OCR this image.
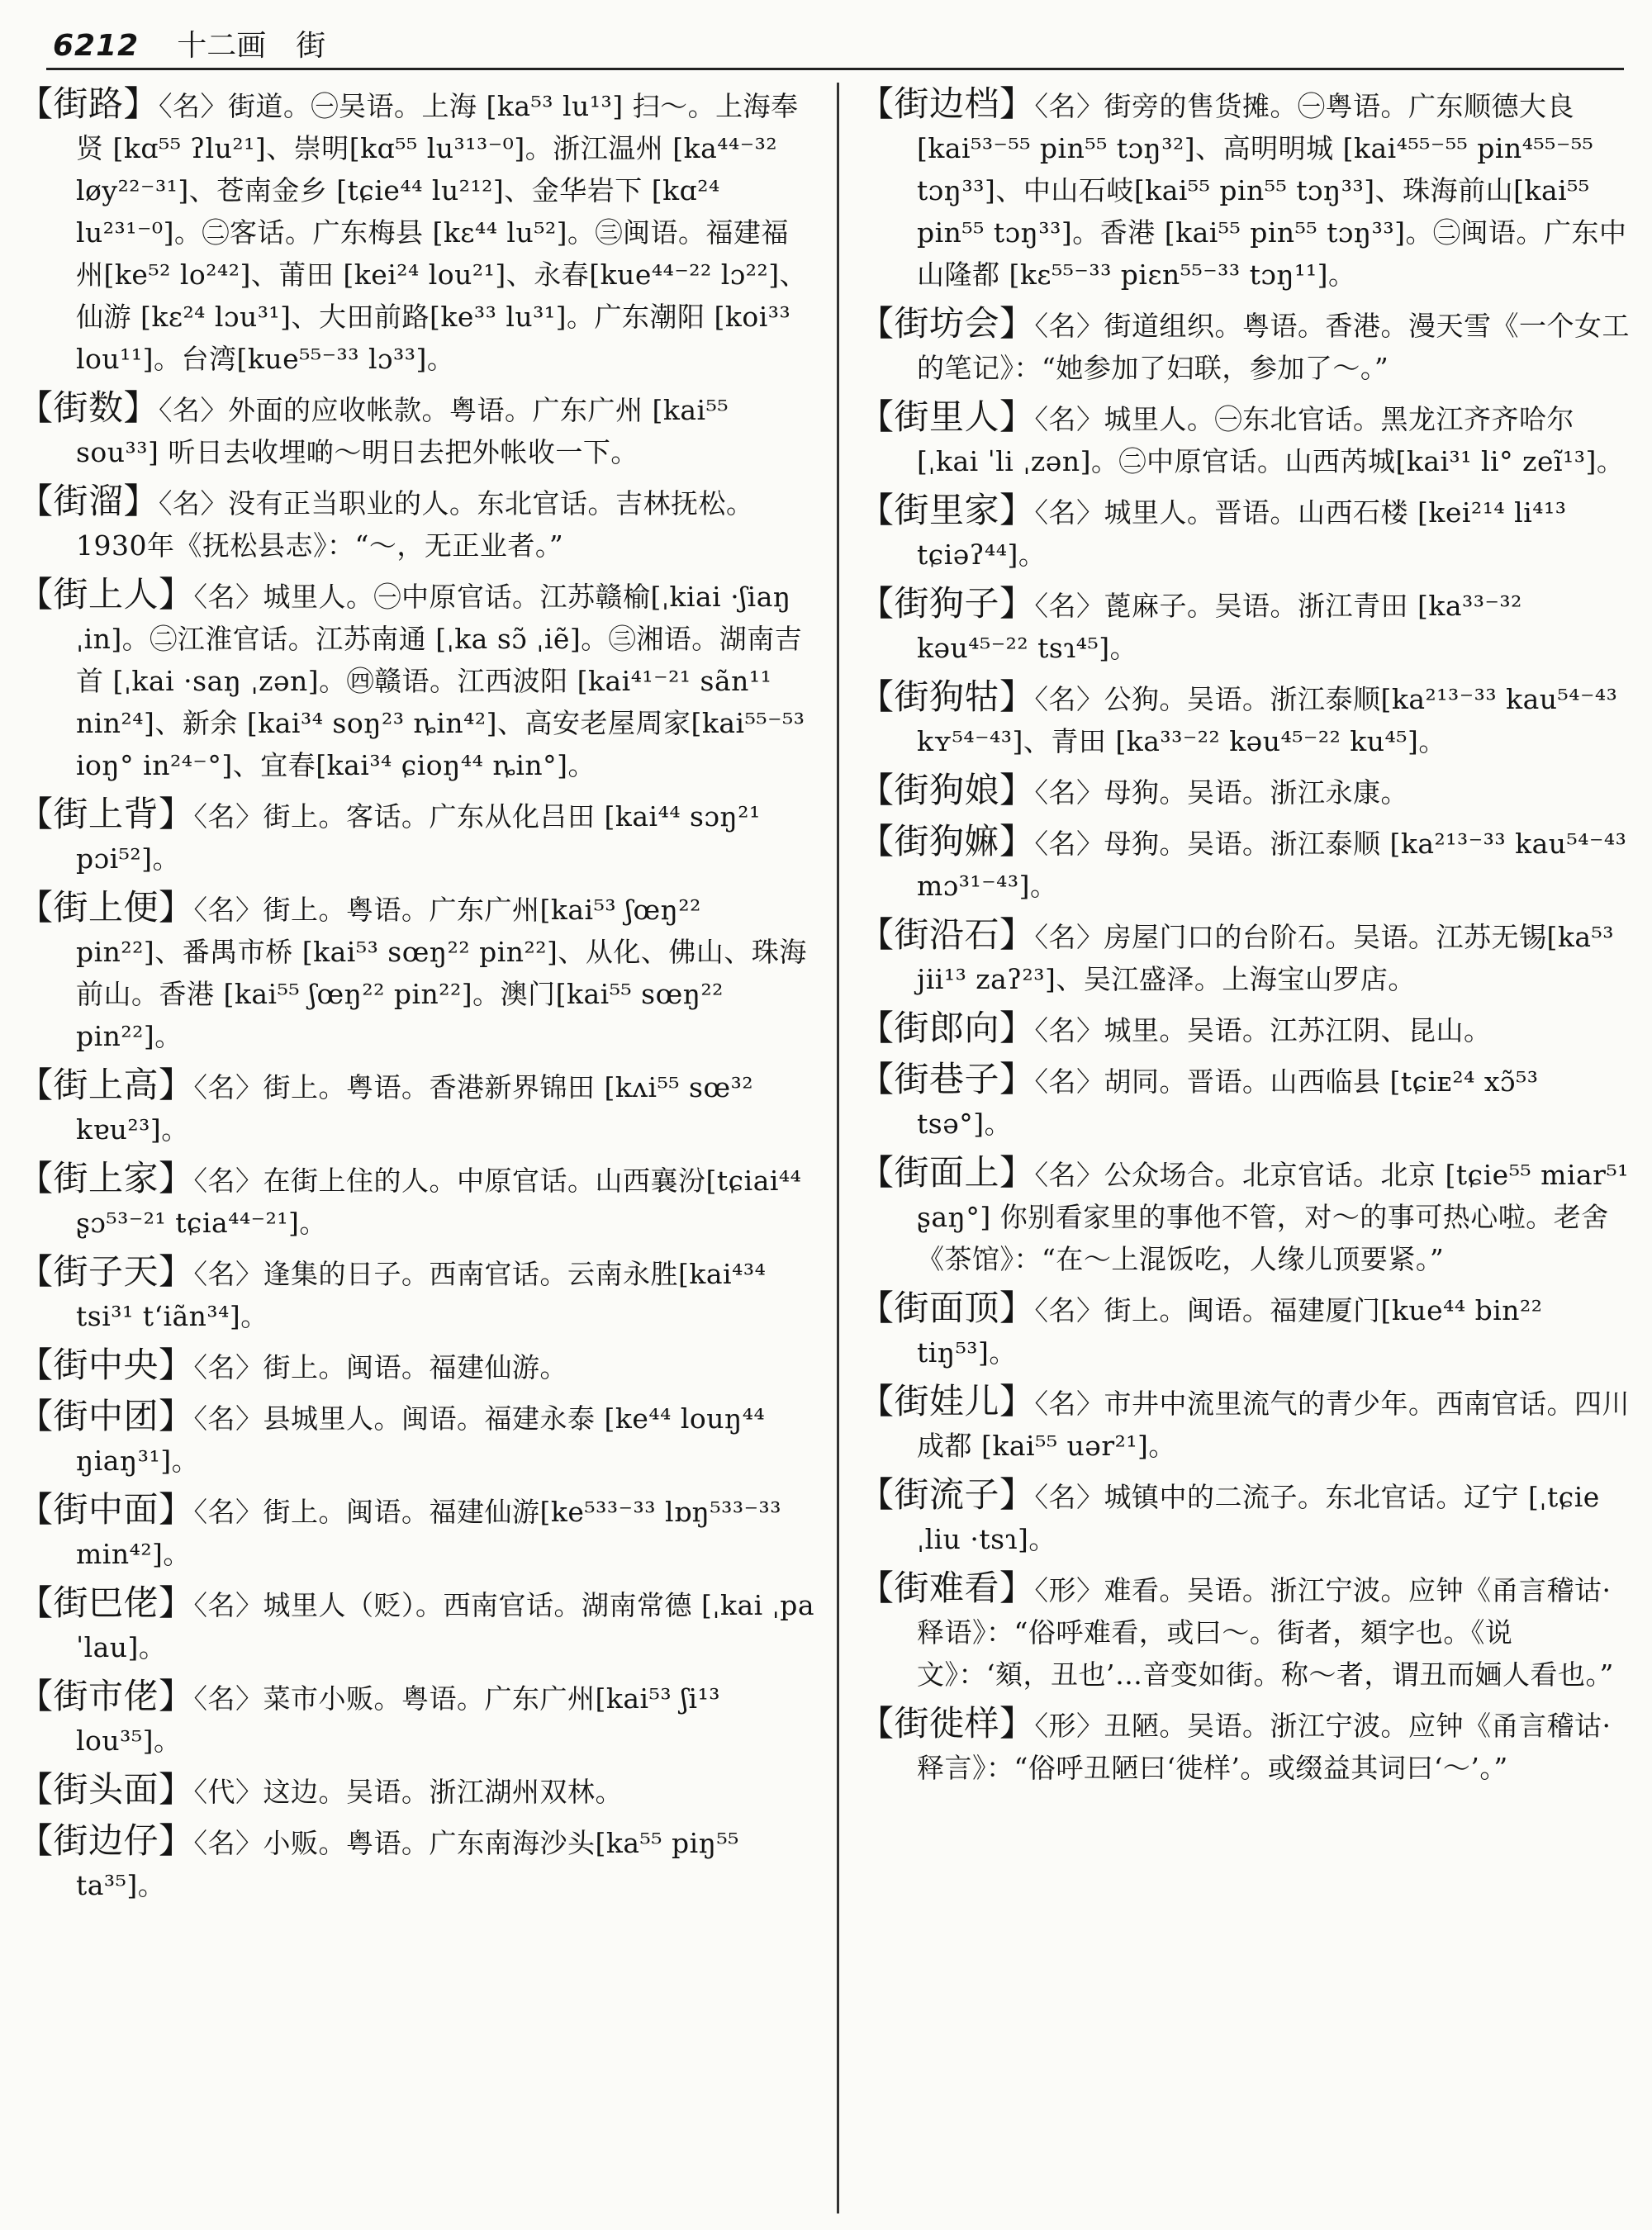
6212 十二画　街
【街路】〈名〉街道。㊀吴语。上海 [ka⁵³ lu¹³] 扫～。上海奉贤 [kɑ⁵⁵ ʔlu²¹]、崇明[kɑ⁵⁵ lu³¹³⁻⁰]。浙江温州 [ka⁴⁴⁻³² løy²²⁻³¹]、苍南金乡 [tɕie⁴⁴ lu²¹²]、金华岩下 [kɑ²⁴ lu²³¹⁻⁰]。㊁客话。广东梅县 [kɛ⁴⁴ lu⁵²]。㊂闽语。福建福州[ke⁵² lo²⁴²]、莆田 [kei²⁴ lou²¹]、永春[kue⁴⁴⁻²² lɔ²²]、仙游 [kɛ²⁴ lɔu³¹]、大田前路[ke³³ lu³¹]。广东潮阳 [koi³³ lou¹¹]。台湾[kue⁵⁵⁻³³ lɔ³³]。
【街数】〈名〉外面的应收帐款。粤语。广东广州 [kai⁵⁵ sou³³] 听日去收埋啲～明日去把外帐收一下。
【街溜】〈名〉没有正当职业的人。东北官话。吉林抚松。1930年《抚松县志》：“～，无正业者。”
【街上人】〈名〉城里人。㊀中原官话。江苏赣榆[ˌkiai ·ʃiaŋ ˌin]。㊁江淮官话。江苏南通 [ˌka sɔ̃ ˌiẽ]。㊂湘语。湖南吉首 [ˌkai ·saŋ ˌzən]。㊃赣语。江西波阳 [kai⁴¹⁻²¹ sãn¹¹ nin²⁴]、新余 [kai³⁴ soŋ²³ ȵin⁴²]、高安老屋周家[kai⁵⁵⁻⁵³ ioŋ° in²⁴⁻°]、宜春[kai³⁴ ɕioŋ⁴⁴ ȵin°]。
【街上背】〈名〉街上。客话。广东从化吕田 [kai⁴⁴ sɔŋ²¹ pɔi⁵²]。
【街上便】〈名〉街上。粤语。广东广州[kai⁵³ ʃœŋ²² pin²²]、番禺市桥 [kai⁵³ sœŋ²² pin²²]、从化、佛山、珠海前山。香港 [kai⁵⁵ ʃœŋ²² pin²²]。澳门[kai⁵⁵ sœŋ²² pin²²]。
【街上高】〈名〉街上。粤语。香港新界锦田 [kʌi⁵⁵ sœ³² kɐu²³]。
【街上家】〈名〉在街上住的人。中原官话。山西襄汾[tɕiai⁴⁴ ʂɔ⁵³⁻²¹ tɕia⁴⁴⁻²¹]。
【街子天】〈名〉逢集的日子。西南官话。云南永胜[kai⁴³⁴ tsi³¹ tʻiãn³⁴]。
【街中央】〈名〉街上。闽语。福建仙游。
【街中团】〈名〉县城里人。闽语。福建永泰 [ke⁴⁴ louŋ⁴⁴ ŋiaŋ³¹]。
【街中面】〈名〉街上。闽语。福建仙游[ke⁵³³⁻³³ lɒŋ⁵³³⁻³³ min⁴²]。
【街巴佬】〈名〉城里人（贬）。西南官话。湖南常德 [ˌkai ˌpa ˈlau]。
【街市佬】〈名〉菜市小贩。粤语。广东广州[kai⁵³ ʃi¹³ lou³⁵]。
【街头面】〈代〉这边。吴语。浙江湖州双林。
【街边仔】〈名〉小贩。粤语。广东南海沙头[ka⁵⁵ piŋ⁵⁵ ta³⁵]。
【街边档】〈名〉街旁的售货摊。㊀粤语。广东顺德大良[kai⁵³⁻⁵⁵ pin⁵⁵ tɔŋ³²]、高明明城 [kai⁴⁵⁵⁻⁵⁵ pin⁴⁵⁵⁻⁵⁵ tɔŋ³³]、中山石岐[kai⁵⁵ pin⁵⁵ tɔŋ³³]、珠海前山[kai⁵⁵ pin⁵⁵ tɔŋ³³]。香港 [kai⁵⁵ pin⁵⁵ tɔŋ³³]。㊁闽语。广东中山隆都 [kɛ⁵⁵⁻³³ piɛn⁵⁵⁻³³ tɔŋ¹¹]。
【街坊会】〈名〉街道组织。粤语。香港。漫天雪《一个女工的笔记》：“她参加了妇联，参加了～。”
【街里人】〈名〉城里人。㊀东北官话。黑龙江齐齐哈尔[ˌkai ˈli ˌzən]。㊁中原官话。山西芮城[kai³¹ li° zeĩ¹³]。
【街里家】〈名〉城里人。晋语。山西石楼 [kei²¹⁴ li⁴¹³ tɕiəʔ⁴⁴]。
【街狗子】〈名〉蓖麻子。吴语。浙江青田 [ka³³⁻³² kəu⁴⁵⁻²² tsɿ⁴⁵]。
【街狗牯】〈名〉公狗。吴语。浙江泰顺[ka²¹³⁻³³ kau⁵⁴⁻⁴³ kʏ⁵⁴⁻⁴³]、青田 [ka³³⁻²² kəu⁴⁵⁻²² ku⁴⁵]。
【街狗娘】〈名〉母狗。吴语。浙江永康。
【街狗嫲】〈名〉母狗。吴语。浙江泰顺 [ka²¹³⁻³³ kau⁵⁴⁻⁴³ mɔ³¹⁻⁴³]。
【街沿石】〈名〉房屋门口的台阶石。吴语。江苏无锡[ka⁵³ jii¹³ zaʔ²³]、吴江盛泽。上海宝山罗店。
【街郎向】〈名〉城里。吴语。江苏江阴、昆山。
【街巷子】〈名〉胡同。晋语。山西临县 [tɕiᴇ²⁴ xɔ̃⁵³ tsə°]。
【街面上】〈名〉公众场合。北京官话。北京 [tɕie⁵⁵ miar⁵¹ ʂaŋ°] 你别看家里的事他不管，对～的事可热心啦。老舍《茶馆》：“在～上混饭吃，人缘儿顶要紧。”
【街面顶】〈名〉街上。闽语。福建厦门[kue⁴⁴ bin²² tiŋ⁵³]。
【街娃儿】〈名〉市井中流里流气的青少年。西南官话。四川成都 [kai⁵⁵ uər²¹]。
【街流子】〈名〉城镇中的二流子。东北官话。辽宁 [ˌtɕie ˌliu ·tsɿ]。
【街难看】〈形〉难看。吴语。浙江宁波。应钟《甬言稽诂·释语》：“俗呼难看，或曰～。街者，頦字也。《说文》：‘頦，丑也’…音变如街。称～者，谓丑而婳人看也。”
【街徙样】〈形〉丑陋。吴语。浙江宁波。应钟《甬言稽诂·释言》：“俗呼丑陋曰‘徙样’。或缀益其词曰‘～’。”
